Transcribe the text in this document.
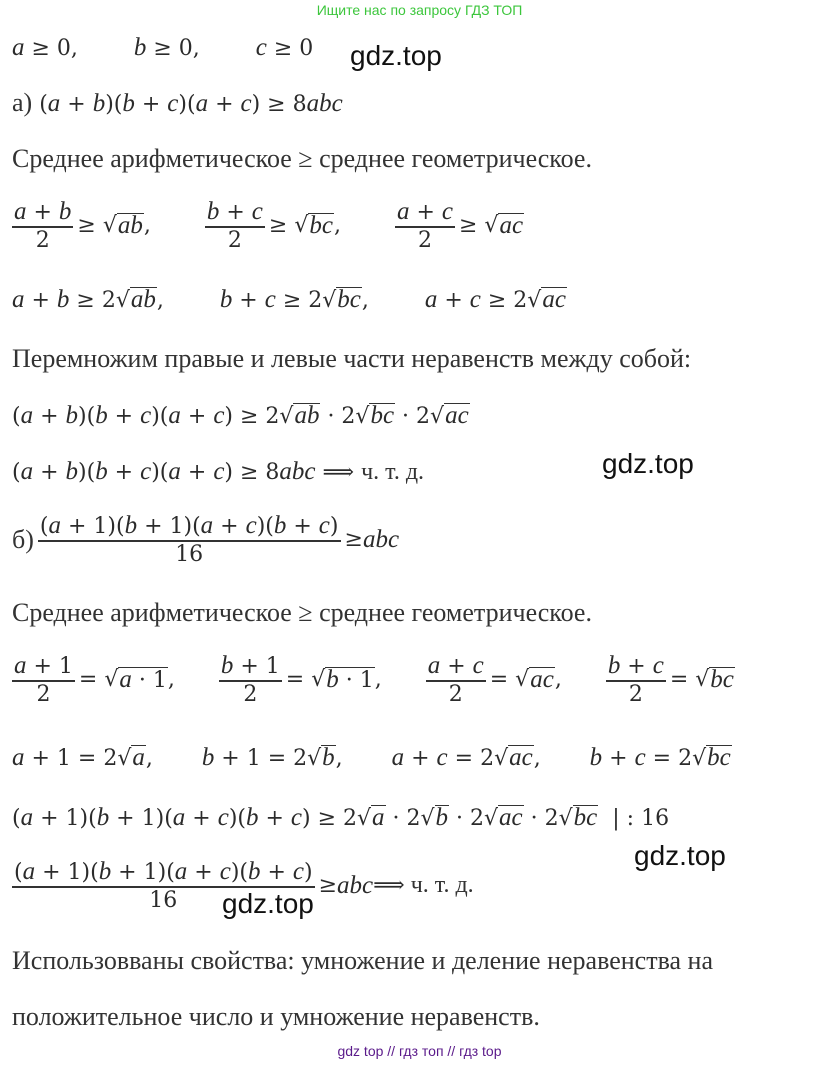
Ищите нас по запросу ГДЗ ТОП
a ≥ 0,        b ≥ 0,        c ≥ 0 gdz.top
а) (a + b)(b + c)(a + c) ≥ 8abc
Среднее арифметическое ≥ среднее геометрическое.
$\frac{a + b}{2}$ ≥ √ ab , $\frac{b + c}{2}$ ≥ √ bc , $\frac{a + c}{2}$ ≥ √ ac
a + b ≥ 2√ab,        b + c ≥ 2√bc,        a + c ≥ 2√ac
Перемножим правые и левые части неравенств между собой:
(a + b)(b + c)(a + c) ≥ 2√ab · 2√bc · 2√ac
(a + b)(b + c)(a + c) ≥ 8abc ⟹ ч. т. д.	gdz.top
$б) \frac{(a + 1)(b + 1)(a + c)(b + c)}{16}$ ≥ abc
Среднее арифметическое ≥ среднее геометрическое.
$\frac{a + 1}{2}$ = √ a · 1 , $\frac{b + 1}{2}$ = √ b · 1 , $\frac{a + c}{2}$ = √ ac , $\frac{b + c}{2}$ = √ bc
a + 1 = 2√a,       b + 1 = 2√b,       a + c = 2√ac,       b + c = 2√bc
(a + 1)(b + 1)(a + c)(b + c) ≥ 2√a · 2√b · 2√ac · 2√bc | : 16
gdz.top
$\frac{(a + 1)(b + 1)(a + c)(b + c)}{16}$ ≥ abc ⟹ ч. т. д.
gdz.top
Использовваны свойства: умножение и деление неравенства на
положительное число и умножение неравенств.
gdz top // гдз топ // гдз top
